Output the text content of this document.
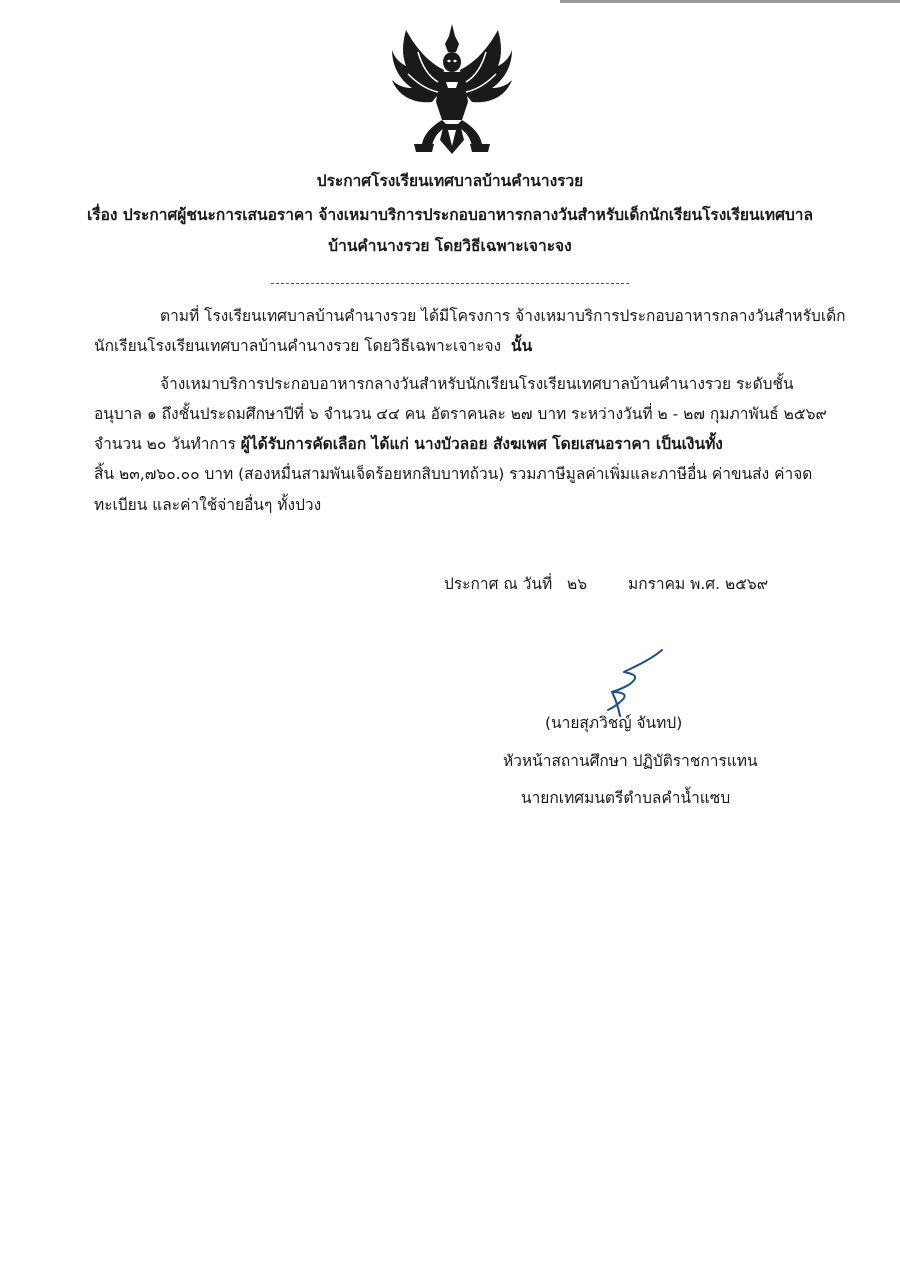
ประกาศโรงเรียนเทศบาลบ้านคำนางรวย
เรื่อง ประกาศผู้ชนะการเสนอราคา จ้างเหมาบริการประกอบอาหารกลางวันสำหรับเด็กนักเรียนโรงเรียนเทศบาล
บ้านคำนางรวย โดยวิธีเฉพาะเจาะจง
ตามที่ โรงเรียนเทศบาลบ้านคำนางรวย ได้มีโครงการ จ้างเหมาบริการประกอบอาหารกลางวันสำหรับเด็ก
นักเรียนโรงเรียนเทศบาลบ้านคำนางรวย โดยวิธีเฉพาะเจาะจง นั้น
จ้างเหมาบริการประกอบอาหารกลางวันสำหรับนักเรียนโรงเรียนเทศบาลบ้านคำนางรวย ระดับชั้น
อนุบาล ๑ ถึงชั้นประถมศึกษาปีที่ ๖ จำนวน ๔๔ คน อัตราคนละ ๒๗ บาท ระหว่างวันที่ ๒ - ๒๗ กุมภาพันธ์ ๒๕๖๙
จำนวน ๒๐ วันทำการ ผู้ได้รับการคัดเลือก ได้แก่ นางบัวลอย สังฆเพศ โดยเสนอราคา เป็นเงินทั้ง
สิ้น ๒๓,๗๖๐.๐๐ บาท (สองหมื่นสามพันเจ็ดร้อยหกสิบบาทถ้วน) รวมภาษีมูลค่าเพิ่มและภาษีอื่น ค่าขนส่ง ค่าจด
ทะเบียน และค่าใช้จ่ายอื่นๆ ทั้งปวง
ประกาศ ณ วันที่ ๒๖	มกราคม พ.ศ. ๒๕๖๙
(นายสุภวิชญ์ จันทป)
หัวหน้าสถานศึกษา ปฏิบัติราชการแทน
นายกเทศมนตรีตำบลคำน้ำแซบ
